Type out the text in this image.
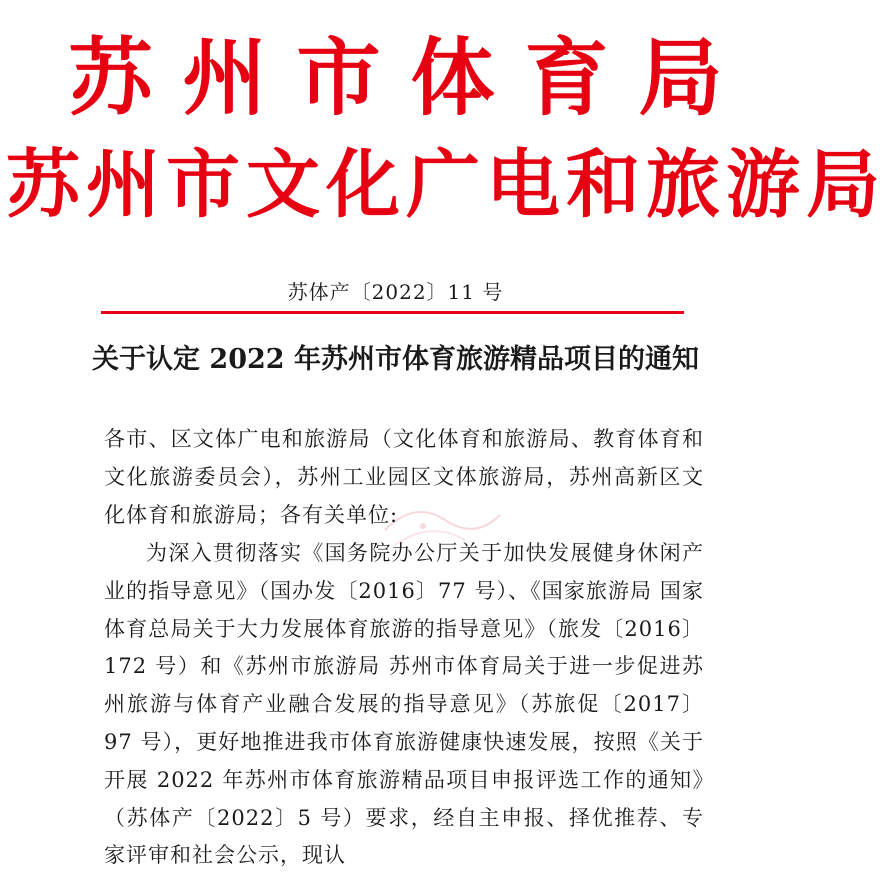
苏州市体育局
苏州市文化广电和旅游局
苏体产〔2022〕11 号
关于认定 2022 年苏州市体育旅游精品项目的通知
各市、区文体广电和旅游局（文化体育和旅游局、教育体育和文化旅游委员会），苏州工业园区文体旅游局，苏州高新区文化体育和旅游局；各有关单位:
为深入贯彻落实《国务院办公厅关于加快发展健身休闲产业的指导意见》（国办发〔2016〕77 号）、《国家旅游局 国家体育总局关于大力发展体育旅游的指导意见》（旅发〔2016〕172 号）和《苏州市旅游局 苏州市体育局关于进一步促进苏州旅游与体育产业融合发展的指导意见》（苏旅促〔2017〕97 号），更好地推进我市体育旅游健康快速发展，按照《关于开展 2022 年苏州市体育旅游精品项目申报评选工作的通知》（苏体产〔2022〕5 号）要求，经自主申报、择优推荐、专家评审和社会公示，现认
